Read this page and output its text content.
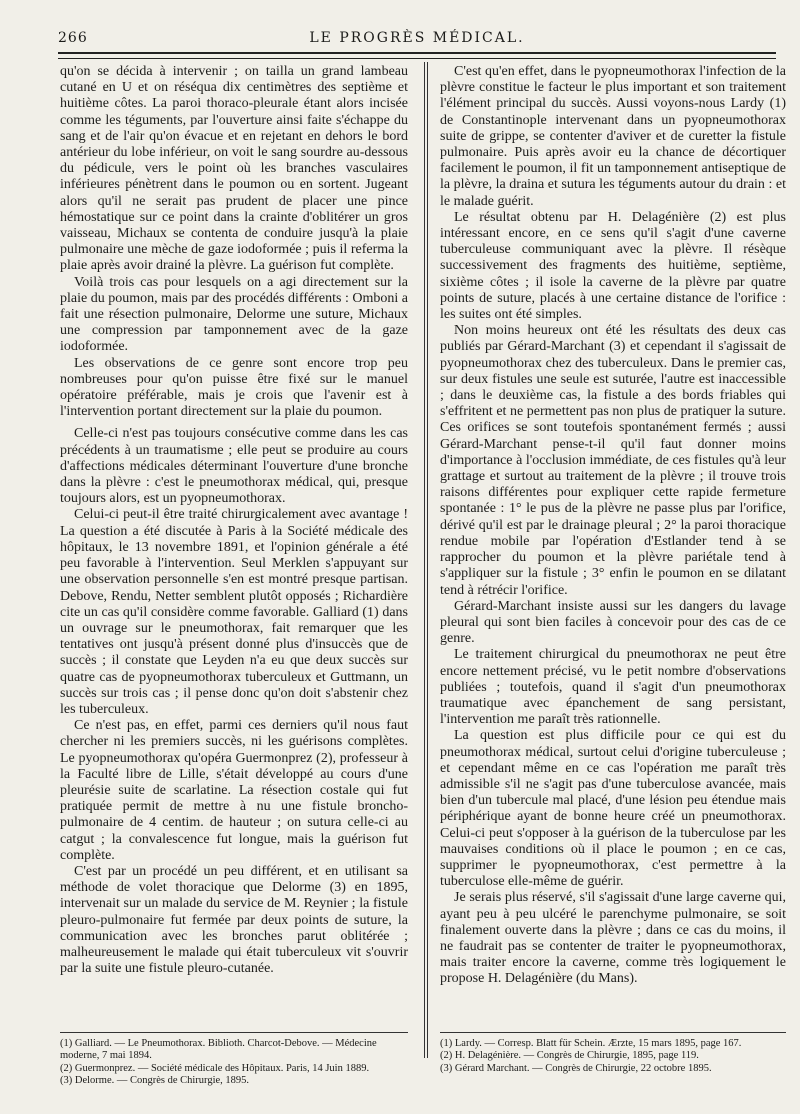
266	LE PROGRÈS MÉDICAL.

qu'on se décida à intervenir ; on tailla un grand lambeau cutané en U et on réséqua dix centimètres des septième et huitième côtes. La paroi thoraco-pleurale étant alors incisée comme les téguments, par l'ouverture ainsi faite s'échappe du sang et de l'air qu'on évacue et en rejetant en dehors le bord antérieur du lobe inférieur, on voit le sang sourdre au-dessous du pédicule, vers le point où les branches vasculaires inférieures pénètrent dans le poumon ou en sortent. Jugeant alors qu'il ne serait pas prudent de placer une pince hémostatique sur ce point dans la crainte d'oblitérer un gros vaisseau, Michaux se contenta de conduire jusqu'à la plaie pulmonaire une mèche de gaze iodoformée ; puis il referma la plaie après avoir drainé la plèvre. La guérison fut complète.

Voilà trois cas pour lesquels on a agi directement sur la plaie du poumon, mais par des procédés différents : Omboni a fait une résection pulmonaire, Delorme une suture, Michaux une compression par tamponnement avec de la gaze iodoformée.

Les observations de ce genre sont encore trop peu nombreuses pour qu'on puisse être fixé sur le manuel opératoire préférable, mais je crois que l'avenir est à l'intervention portant directement sur la plaie du poumon.

Celle-ci n'est pas toujours consécutive comme dans les cas précédents à un traumatisme ; elle peut se produire au cours d'affections médicales déterminant l'ouverture d'une bronche dans la plèvre : c'est le pneumothorax médical, qui, presque toujours alors, est un pyopneumothorax.

Celui-ci peut-il être traité chirurgicalement avec avantage ! La question a été discutée à Paris à la Société médicale des hôpitaux, le 13 novembre 1891, et l'opinion générale a été peu favorable à l'intervention. Seul Merklen s'appuyant sur une observation personnelle s'en est montré presque partisan. Debove, Rendu, Netter semblent plutôt opposés ; Richardière cite un cas qu'il considère comme favorable. Galliard (1) dans un ouvrage sur le pneumothorax, fait remarquer que les tentatives ont jusqu'à présent donné plus d'insuccès que de succès ; il constate que Leyden n'a eu que deux succès sur quatre cas de pyopneumothorax tuberculeux et Guttmann, un succès sur trois cas ; il pense donc qu'on doit s'abstenir chez les tuberculeux.

Ce n'est pas, en effet, parmi ces derniers qu'il nous faut chercher ni les premiers succès, ni les guérisons complètes. Le pyopneumothorax qu'opéra Guermonprez (2), professeur à la Faculté libre de Lille, s'était développé au cours d'une pleurésie suite de scarlatine. La résection costale qui fut pratiquée permit de mettre à nu une fistule broncho-pulmonaire de 4 centim. de hauteur ; on sutura celle-ci au catgut ; la convalescence fut longue, mais la guérison fut complète.

C'est par un procédé un peu différent, et en utilisant sa méthode de volet thoracique que Delorme (3) en 1895, intervenait sur un malade du service de M. Reynier ; la fistule pleuro-pulmonaire fut fermée par deux points de suture, la communication avec les bronches parut oblitérée ; malheureusement le malade qui était tuberculeux vit s'ouvrir par la suite une fistule pleuro-cutanée.

C'est qu'en effet, dans le pyopneumothorax l'infection de la plèvre constitue le facteur le plus important et son traitement l'élément principal du succès. Aussi voyons-nous Lardy (1) de Constantinople intervenant dans un pyopneumothorax suite de grippe, se contenter d'aviver et de curetter la fistule pulmonaire. Puis après avoir eu la chance de décortiquer facilement le poumon, il fit un tamponnement antiseptique de la plèvre, la draina et sutura les téguments autour du drain : et le malade guérit.

Le résultat obtenu par H. Delagénière (2) est plus intéressant encore, en ce sens qu'il s'agit d'une caverne tuberculeuse communiquant avec la plèvre. Il résèque successivement des fragments des huitième, septième, sixième côtes ; il isole la caverne de la plèvre par quatre points de suture, placés à une certaine distance de l'orifice : les suites ont été simples.

Non moins heureux ont été les résultats des deux cas publiés par Gérard-Marchant (3) et cependant il s'agissait de pyopneumothorax chez des tuberculeux. Dans le premier cas, sur deux fistules une seule est suturée, l'autre est inaccessible ; dans le deuxième cas, la fistule a des bords friables qui s'effritent et ne permettent pas non plus de pratiquer la suture. Ces orifices se sont toutefois spontanément fermés ; aussi Gérard-Marchant pense-t-il qu'il faut donner moins d'importance à l'occlusion immédiate, de ces fistules qu'à leur grattage et surtout au traitement de la plèvre ; il trouve trois raisons différentes pour expliquer cette rapide fermeture spontanée : 1° le pus de la plèvre ne passe plus par l'orifice, dérivé qu'il est par le drainage pleural ; 2° la paroi thoracique rendue mobile par l'opération d'Estlander tend à se rapprocher du poumon et la plèvre pariétale tend à s'appliquer sur la fistule ; 3° enfin le poumon en se dilatant tend à rétrécir l'orifice.

Gérard-Marchant insiste aussi sur les dangers du lavage pleural qui sont bien faciles à concevoir pour des cas de ce genre.

Le traitement chirurgical du pneumothorax ne peut être encore nettement précisé, vu le petit nombre d'observations publiées ; toutefois, quand il s'agit d'un pneumothorax traumatique avec épanchement de sang persistant, l'intervention me paraît très rationnelle.

La question est plus difficile pour ce qui est du pneumothorax médical, surtout celui d'origine tuberculeuse ; et cependant même en ce cas l'opération me paraît très admissible s'il ne s'agit pas d'une tuberculose avancée, mais bien d'un tubercule mal placé, d'une lésion peu étendue mais périphérique ayant de bonne heure créé un pneumothorax. Celui-ci peut s'opposer à la guérison de la tuberculose par les mauvaises conditions où il place le poumon ; en ce cas, supprimer le pyopneumothorax, c'est permettre à la tuberculose elle-même de guérir.

Je serais plus réservé, s'il s'agissait d'une large caverne qui, ayant peu à peu ulcéré le parenchyme pulmonaire, se soit finalement ouverte dans la plèvre ; dans ce cas du moins, il ne faudrait pas se contenter de traiter le pyopneumothorax, mais traiter encore la caverne, comme très logiquement le propose H. Delagénière (du Mans).

(1) Galliard. — Le Pneumothorax. Biblioth. Charcot-Debove. — Médecine moderne, 7 mai 1894.
(2) Guermonprez. — Société médicale des Hôpitaux. Paris, 14 Juin 1889.
(3) Delorme. — Congrès de Chirurgie, 1895.
(1) Lardy. — Corresp. Blatt für Schein. Ærzte, 15 mars 1895, page 167.
(2) H. Delagénière. — Congrès de Chirurgie, 1895, page 119.
(3) Gérard Marchant. — Congrès de Chirurgie, 22 octobre 1895.
